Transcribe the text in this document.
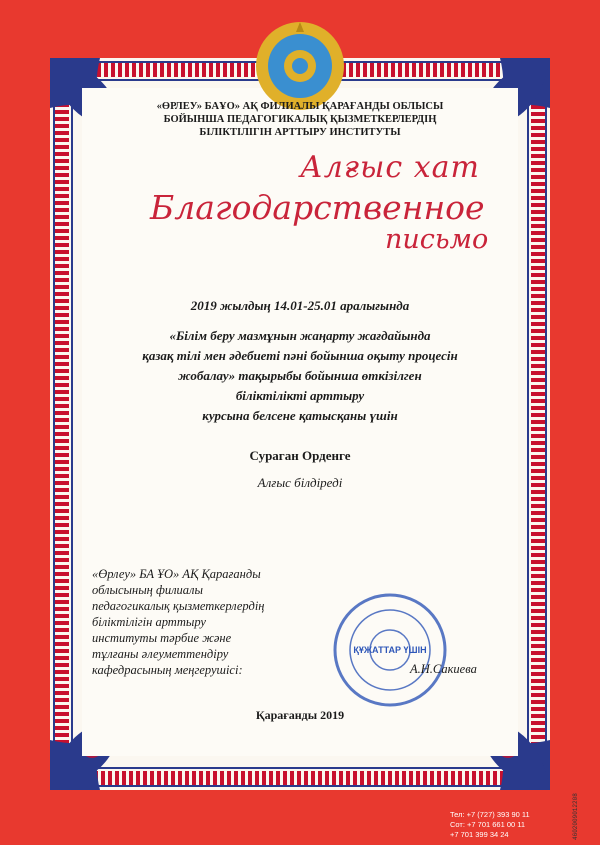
«ӨРЛЕУ» БАҰО» АҚ ФИЛИАЛЫ ҚАРАҒАНДЫ ОБЛЫСЫ
БОЙЫНША ПЕДАГОГИКАЛЫҚ ҚЫЗМЕТКЕРЛЕРДІҢ
БІЛІКТІЛІГІН АРТТЫРУ ИНСТИТУТЫ
Алғыс хат
Благодарственное
письмо
2019 жылдың 14.01-25.01 аралығында
«Білім беру мазмұнын жаңарту жағдайында
қазақ тілі мен әдебиеті пәні бойынша оқыту процесін
жобалау» тақырыбы бойынша өткізілген
біліктілікті арттыру
курсына белсене қатысқаны үшін
Сураган Орденге
Алғыс білдіреді
«Өрлеу» БА ҰО» АҚ Қарағанды
облысының филиалы
педагогикалық қызметкерлердің
біліктілігін арттыру
институты тәрбие және
тұлғаны әлеуметтендіру
кафедрасының меңгерушісі:
ҚҰЖАТТАР ҮШІН
А.Н.Сакиева
Қарағанды 2019
Тел: +7 (727) 393 90 11
Сот: +7 701 661 00 11
+7 701 399 34 24	4602009012208
